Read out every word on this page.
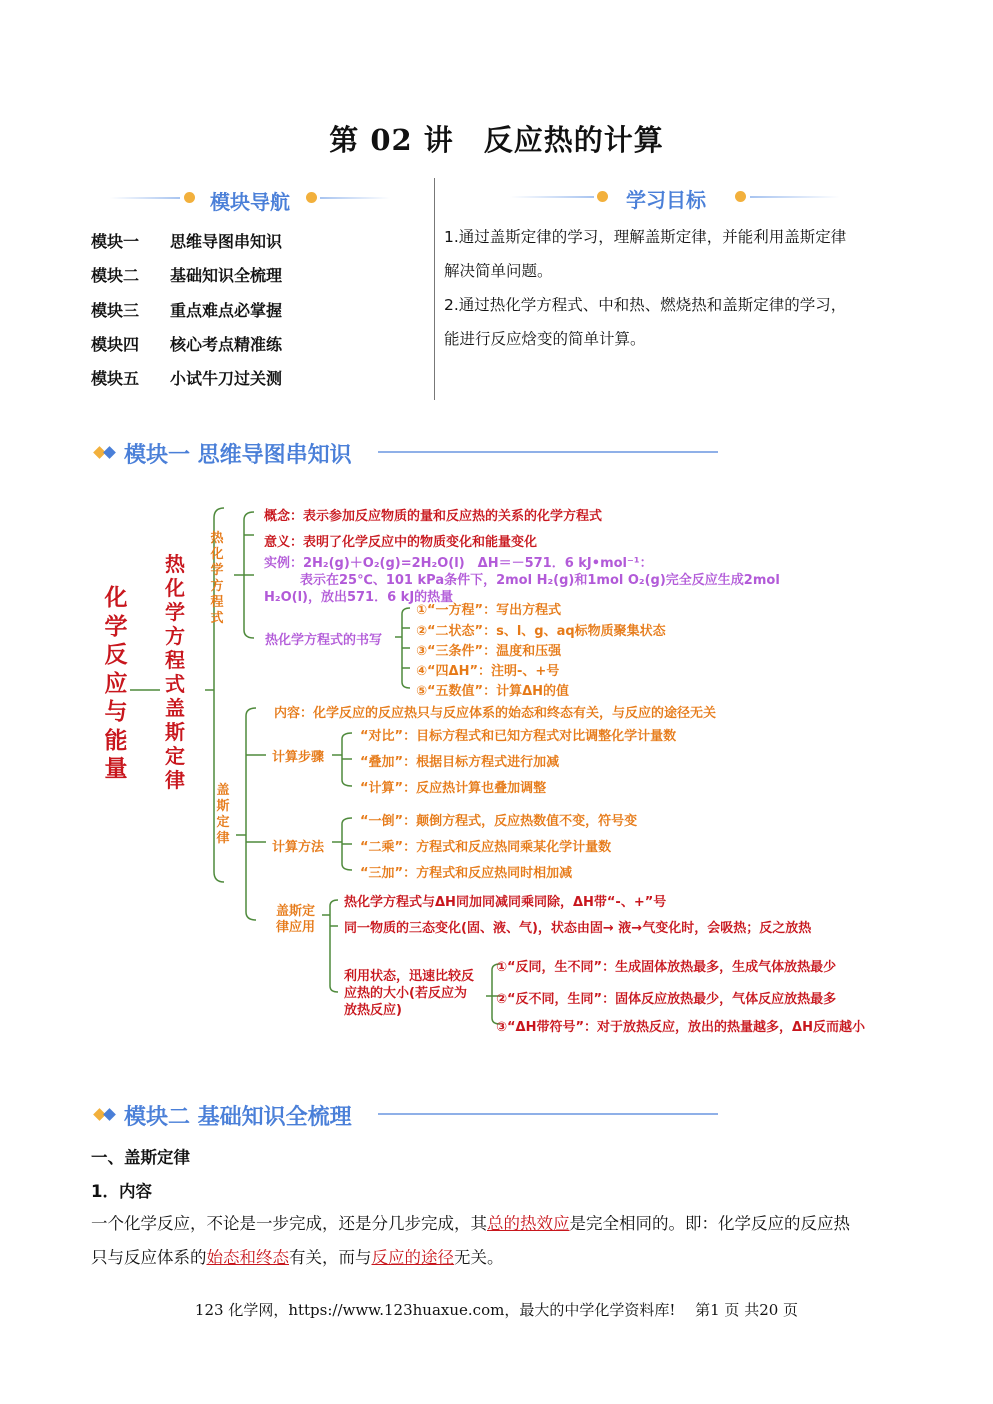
第 02 讲　反应热的计算
模块导航
模块一 思维导图串知识
模块二 基础知识全梳理
模块三 重点难点必掌握
模块四 核心考点精准练
模块五 小试牛刀过关测
学习目标
1.通过盖斯定律的学习，理解盖斯定律，并能利用盖斯定律
解决简单问题。
2.通过热化学方程式、中和热、燃烧热和盖斯定律的学习，
能进行反应焓变的简单计算。
模块一 思维导图串知识
化学反应与能量
热化学方程式盖斯定律
热化学方程式
概念：表示参加反应物质的量和反应热的关系的化学方程式
意义：表明了化学反应中的物质变化和能量变化
实例：2H₂(g)＋O₂(g)=2H₂O(l)　ΔH＝－571．6 kJ•mol⁻¹：
表示在25℃、101 kPa条件下，2mol H₂(g)和1mol O₂(g)完全反应生成2mol
H₂O(l)，放出571．6 kJ的热量
热化学方程式的书写
①“一方程”：写出方程式
②“二状态”：s、l、g、aq标物质聚集状态
③“三条件”：温度和压强
④“四ΔH”：注明-、+号
⑤“五数值”：计算ΔH的值
盖斯定律
内容：化学反应的反应热只与反应体系的始态和终态有关，与反应的途径无关
计算步骤
“对比”：目标方程式和已知方程式对比调整化学计量数
“叠加”：根据目标方程式进行加减
“计算”：反应热计算也叠加调整
计算方法
“一倒”：颠倒方程式，反应热数值不变，符号变
“二乘”：方程式和反应热同乘某化学计量数
“三加”：方程式和反应热同时相加减
盖斯定
律应用
热化学方程式与ΔH同加同减同乘同除，ΔH带“-、+”号
同一物质的三态变化(固、液、气)，状态由固→ 液→气变化时，会吸热；反之放热
利用状态，迅速比较反
应热的大小(若反应为
放热反应)
①“反同，生不同”：生成固体放热最多，生成气体放热最少
②“反不同，生同”：固体反应放热最少，气体反应放热最多
③“ΔH带符号”：对于放热反应，放出的热量越多，ΔH反而越小
模块二 基础知识全梳理
一、盖斯定律
1．内容
一个化学反应，不论是一步完成，还是分几步完成，其总的热效应是完全相同的。即：化学反应的反应热
只与反应体系的始态和终态有关，而与反应的途径无关。
123 化学网，https://www.123huaxue.com，最大的中学化学资料库!　 第1 页 共20 页
